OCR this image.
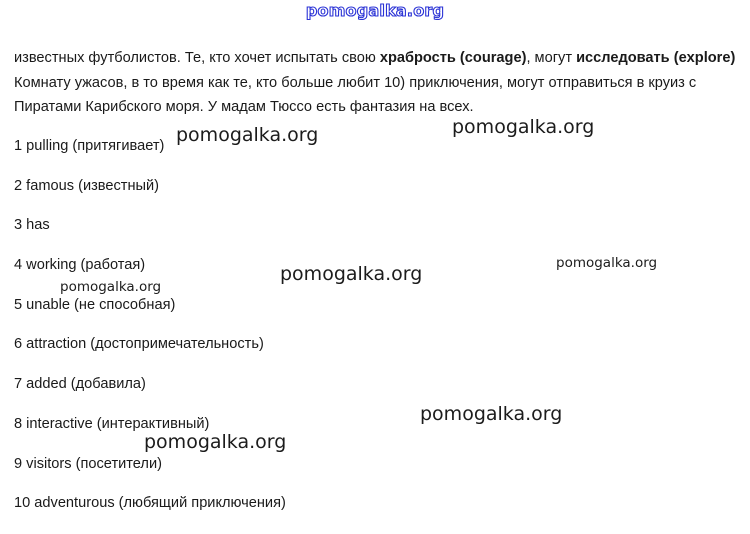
pomogalka.org
известных футболистов. Те, кто хочет испытать свою храбрость (courage), могут исследовать (explore) Комнату ужасов, в то время как те, кто больше любит 10) приключения, могут отправиться в круиз с Пиратами Карибского моря. У мадам Тюссо есть фантазия на всех.
1 pulling (притягивает)
2 famous (известный)
3 has
4 working (работая)
5 unable (не способная)
6 attraction (достопримечательность)
7 added (добавила)
8 interactive (интерактивный)
9 visitors (посетители)
10 adventurous (любящий приключения)
pomogalka.org	pomogalka.org
pomogalka.org
pomogalka.org
pomogalka.org
pomogalka.org
pomogalka.org
